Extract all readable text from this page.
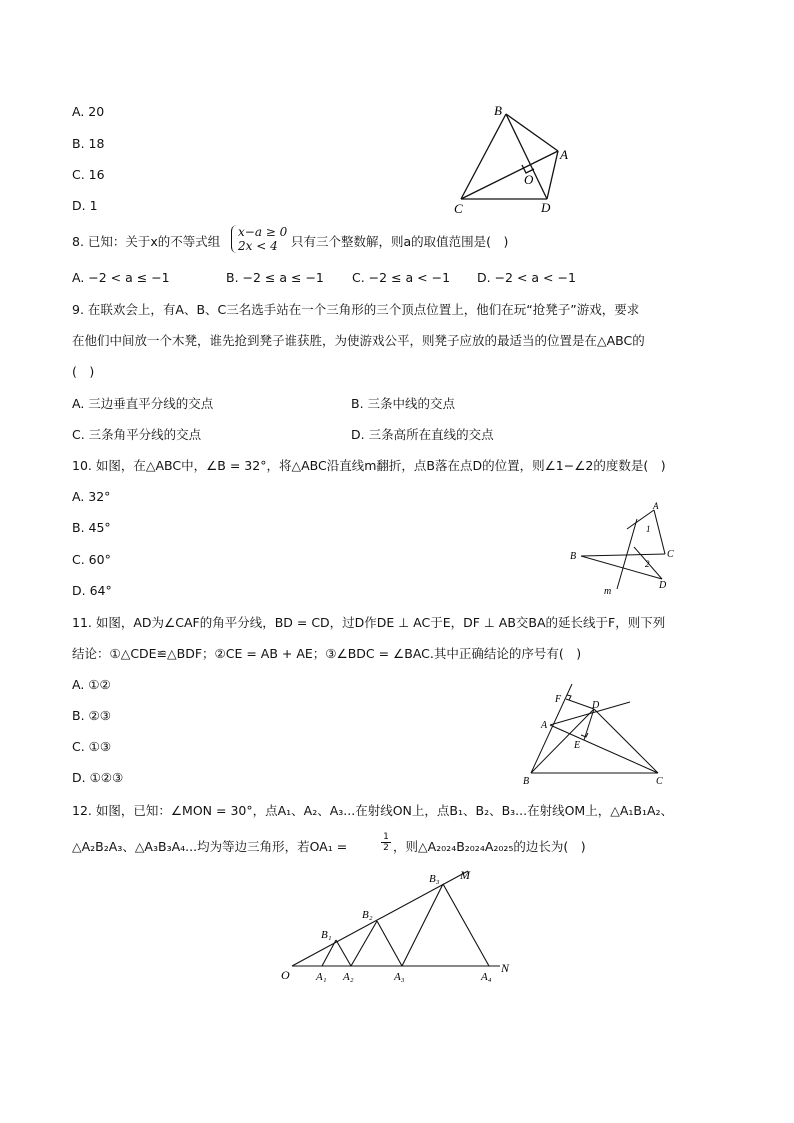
A. 20
B. 18
C. 16
D. 1
B
A
O
C	D
8. 已知：关于x的不等式组
x−a ≥ 0
2x < 4 只有三个整数解，则a的取值范围是(　)
A. −2 < a ≤ −1	B. −2 ≤ a ≤ −1 C. −2 ≤ a < −1 D. −2 < a < −1
9. 在联欢会上，有A、B、C三名选手站在一个三角形的三个顶点位置上，他们在玩“抢凳子”游戏，要求
在他们中间放一个木凳，谁先抢到凳子谁获胜，为使游戏公平，则凳子应放的最适当的位置是在△ABC的
(　)
A. 三边垂直平分线的交点	B. 三条中线的交点
C. 三条角平分线的交点	D. 三条高所在直线的交点
10. 如图，在△ABC中，∠B = 32°，将△ABC沿直线m翻折，点B落在点D的位置，则∠1−∠2的度数是(　)
A. 32°
B. 45°
C. 60°
D. 64°
A
1
B	C
2
D
m
11. 如图，AD为∠CAF的角平分线，BD = CD，过D作DE ⊥ AC于E，DF ⊥ AB交BA的延长线于F，则下列
结论：①△CDE≌△BDF；②CE = AB + AE；③∠BDC = ∠BAC.其中正确结论的序号有(　)
A. ①②
B. ②③
C. ①③
D. ①②③
F
D
A
E
B	C
12. 如图，已知：∠MON = 30°，点A₁、A₂、A₃...在射线ON上，点B₁、B₂、B₃...在射线OM上，△A₁B₁A₂、
△A₂B₂A₃、△A₃B₃A₄...均为等边三角形，若OA₁ =	$\frac{1}{2}$ ，则△A₂₀₂₄B₂₀₂₄A₂₀₂₅的边长为(　)
O A₁ A₂	A₃	A₄
B₁
B₂
B₃ M
N
